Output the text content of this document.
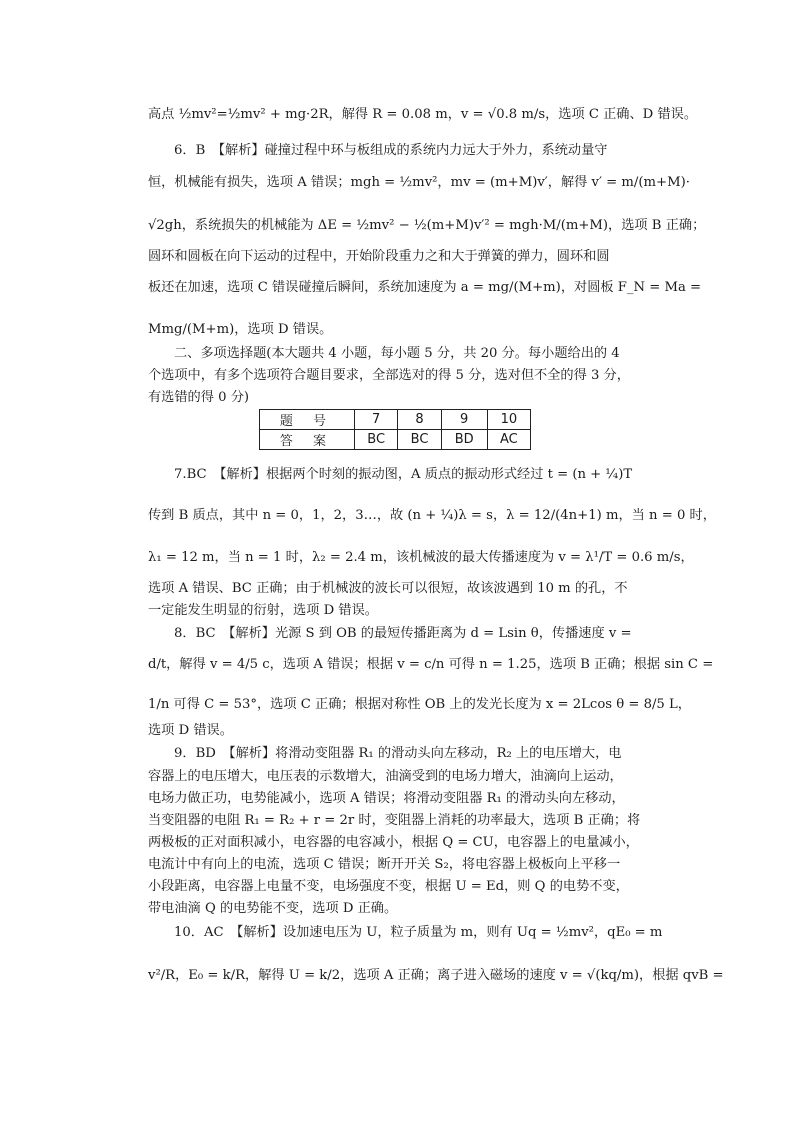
高点 ½mv²=½mv² + mg·2R，解得 R = 0.08 m，v = √0.8 m/s，选项 C 正确、D 错误。
6．B　【解析】碰撞过程中环与板组成的系统内力远大于外力，系统动量守
恒，机械能有损失，选项 A 错误；mgh = ½mv²，mv = (m+M)v′，解得 v′ = m/(m+M)·
√2gh，系统损失的机械能为 ΔE = ½mv² − ½(m+M)v′² = mgh·M/(m+M)，选项 B 正确；
圆环和圆板在向下运动的过程中，开始阶段重力之和大于弹簧的弹力，圆环和圆
板还在加速，选项 C 错误碰撞后瞬间，系统加速度为 a = mg/(M+m)，对圆板 F_N = Ma =
Mmg/(M+m)，选项 D 错误。
二、多项选择题(本大题共 4 小题，每小题 5 分，共 20 分。每小题给出的 4
个选项中，有多个选项符合题目要求，全部选对的得 5 分，选对但不全的得 3 分，
有选错的得 0 分)
题 号	7	8	9	10
答 案	BC	BC	BD	AC
7.BC　【解析】根据两个时刻的振动图，A 质点的振动形式经过 t = (n + ¼)T
传到 B 质点，其中 n = 0，1，2，3…，故 (n + ¼)λ = s，λ = 12/(4n+1) m，当 n = 0 时，
λ₁ = 12 m，当 n = 1 时，λ₂ = 2.4 m，该机械波的最大传播速度为 v = λ¹/T = 0.6 m/s，
选项 A 错误、BC 正确；由于机械波的波长可以很短，故该波遇到 10 m 的孔，不
一定能发生明显的衍射，选项 D 错误。
8．BC　【解析】光源 S 到 OB 的最短传播距离为 d = Lsin θ，传播速度 v =
d/t，解得 v = 4/5 c，选项 A 错误；根据 v = c/n 可得 n = 1.25，选项 B 正确；根据 sin C =
1/n 可得 C = 53°，选项 C 正确；根据对称性 OB 上的发光长度为 x = 2Lcos θ = 8/5 L，
选项 D 错误。
9．BD　【解析】将滑动变阻器 R₁ 的滑动头向左移动，R₂ 上的电压增大，电
容器上的电压增大，电压表的示数增大，油滴受到的电场力增大，油滴向上运动，
电场力做正功，电势能减小，选项 A 错误；将滑动变阻器 R₁ 的滑动头向左移动，
当变阻器的电阻 R₁ = R₂ + r = 2r 时，变阻器上消耗的功率最大，选项 B 正确；将
两极板的正对面积减小，电容器的电容减小，根据 Q = CU，电容器上的电量减小，
电流计中有向上的电流，选项 C 错误；断开开关 S₂，将电容器上极板向上平移一
小段距离，电容器上电量不变，电场强度不变，根据 U = Ed，则 Q 的电势不变，
带电油滴 Q 的电势能不变，选项 D 正确。
10．AC　【解析】设加速电压为 U，粒子质量为 m，则有 Uq = ½mv²，qE₀ = m
v²/R，E₀ = k/R，解得 U = k/2，选项 A 正确；离子进入磁场的速度 v = √(kq/m)，根据 qvB =
